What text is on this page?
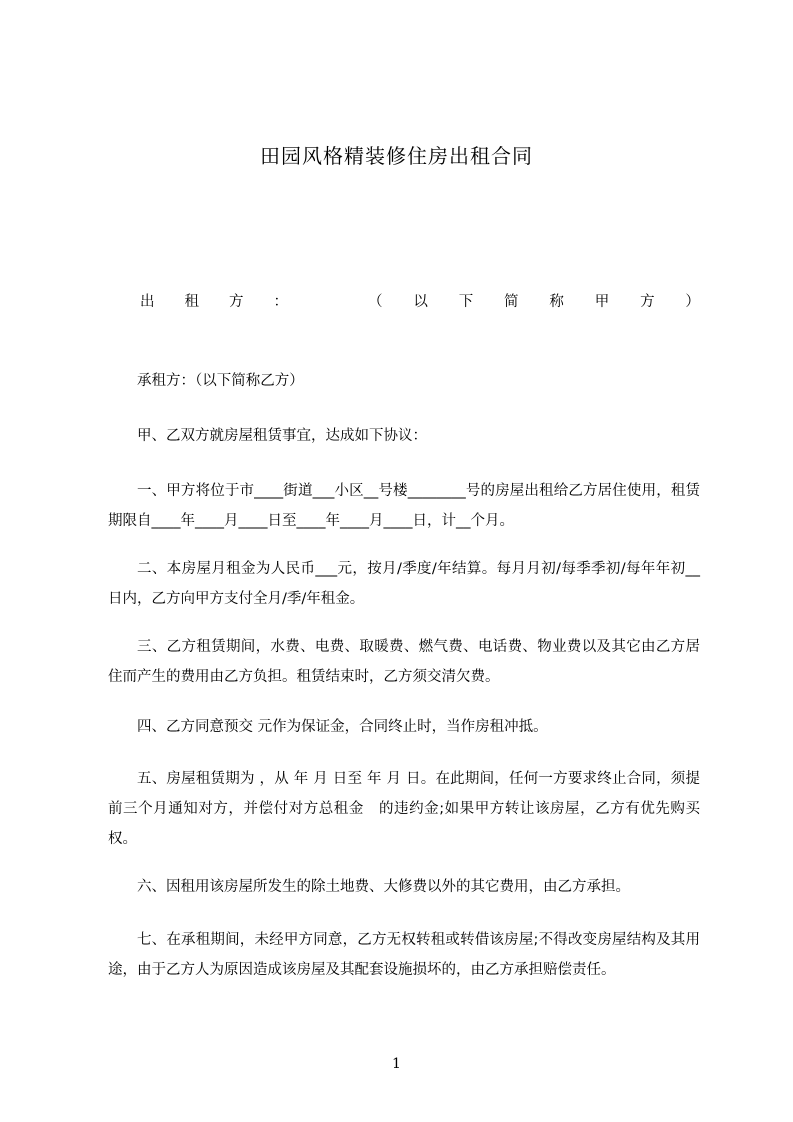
田园风格精装修住房出租合同
出 租 方 ：	（ 以 下 简 称 甲 方 ）
承租方：（以下简称乙方）
甲、乙双方就房屋租赁事宜，达成如下协议：
一、甲方将位于市____街道___小区__号楼________号的房屋出租给乙方居住使用，租赁期限自____年____月____日至____年____月____日，计__个月。
二、本房屋月租金为人民币___元，按月/季度/年结算。每月月初/每季季初/每年年初__日内，乙方向甲方支付全月/季/年租金。
三、乙方租赁期间，水费、电费、取暖费、燃气费、电话费、物业费以及其它由乙方居住而产生的费用由乙方负担。租赁结束时，乙方须交清欠费。
四、乙方同意预交 元作为保证金，合同终止时，当作房租冲抵。
五、房屋租赁期为 ，从 年 月 日至 年 月 日。在此期间，任何一方要求终止合同，须提前三个月通知对方，并偿付对方总租金　的违约金;如果甲方转让该房屋，乙方有优先购买权。
六、因租用该房屋所发生的除土地费、大修费以外的其它费用，由乙方承担。
七、在承租期间，未经甲方同意，乙方无权转租或转借该房屋;不得改变房屋结构及其用途，由于乙方人为原因造成该房屋及其配套设施损坏的，由乙方承担赔偿责任。
1
